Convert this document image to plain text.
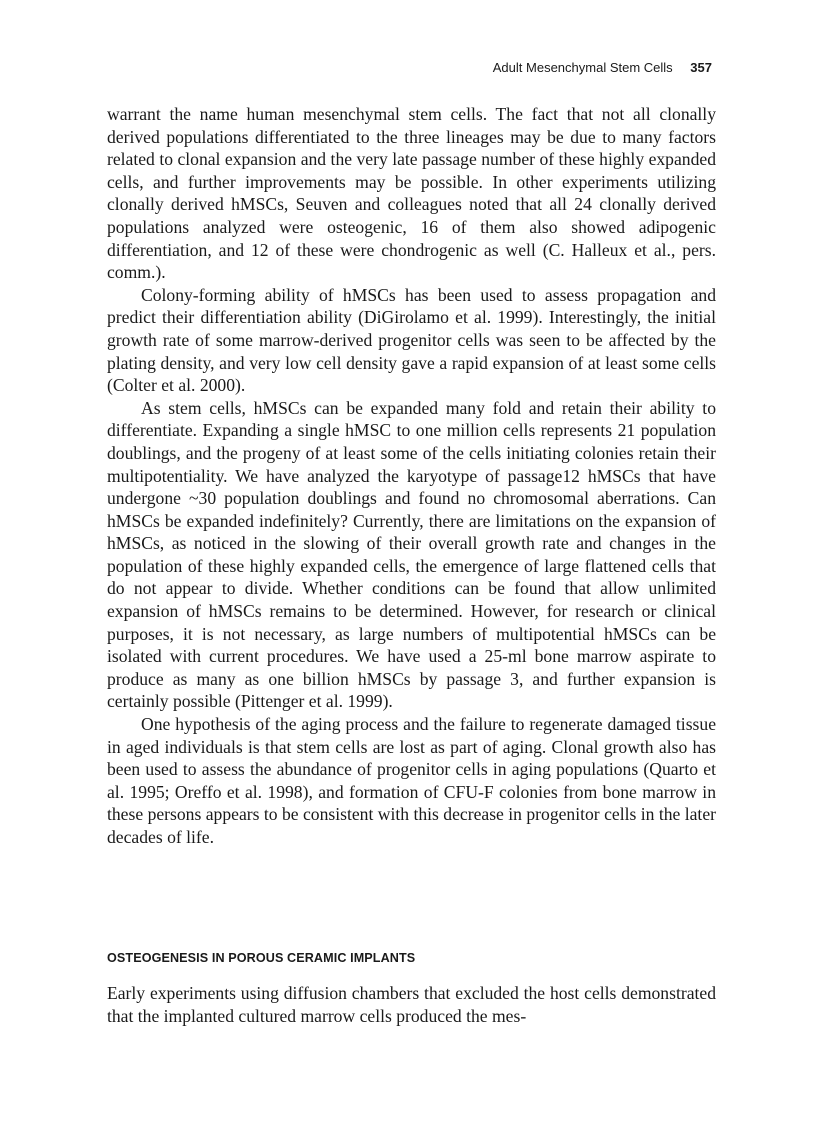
Adult Mesenchymal Stem Cells 357

warrant the name human mesenchymal stem cells. The fact that not all clonally derived populations differentiated to the three lineages may be due to many factors related to clonal expansion and the very late passage number of these highly expanded cells, and further improvements may be possible. In other experiments utilizing clonally derived hMSCs, Seuven and colleagues noted that all 24 clonally derived populations analyzed were osteogenic, 16 of them also showed adipogenic differentiation, and 12 of these were chondrogenic as well (C. Halleux et al., pers. comm.).

Colony-forming ability of hMSCs has been used to assess propagation and predict their differentiation ability (DiGirolamo et al. 1999). Interestingly, the initial growth rate of some marrow-derived progenitor cells was seen to be affected by the plating density, and very low cell density gave a rapid expansion of at least some cells (Colter et al. 2000).

As stem cells, hMSCs can be expanded many fold and retain their ability to differentiate. Expanding a single hMSC to one million cells represents 21 population doublings, and the progeny of at least some of the cells initiating colonies retain their multipotentiality. We have analyzed the karyotype of passage12 hMSCs that have undergone ~30 population doublings and found no chromosomal aberrations. Can hMSCs be expanded indefinitely? Currently, there are limitations on the expansion of hMSCs, as noticed in the slowing of their overall growth rate and changes in the population of these highly expanded cells, the emergence of large flattened cells that do not appear to divide. Whether conditions can be found that allow unlimited expansion of hMSCs remains to be determined. However, for research or clinical purposes, it is not necessary, as large numbers of multipotential hMSCs can be isolated with current procedures. We have used a 25-ml bone marrow aspirate to produce as many as one billion hMSCs by passage 3, and further expansion is certainly possible (Pittenger et al. 1999).

One hypothesis of the aging process and the failure to regenerate damaged tissue in aged individuals is that stem cells are lost as part of aging. Clonal growth also has been used to assess the abundance of progenitor cells in aging populations (Quarto et al. 1995; Oreffo et al. 1998), and formation of CFU-F colonies from bone marrow in these persons appears to be consistent with this decrease in progenitor cells in the later decades of life.

OSTEOGENESIS IN POROUS CERAMIC IMPLANTS

Early experiments using diffusion chambers that excluded the host cells demonstrated that the implanted cultured marrow cells produced the mes-
